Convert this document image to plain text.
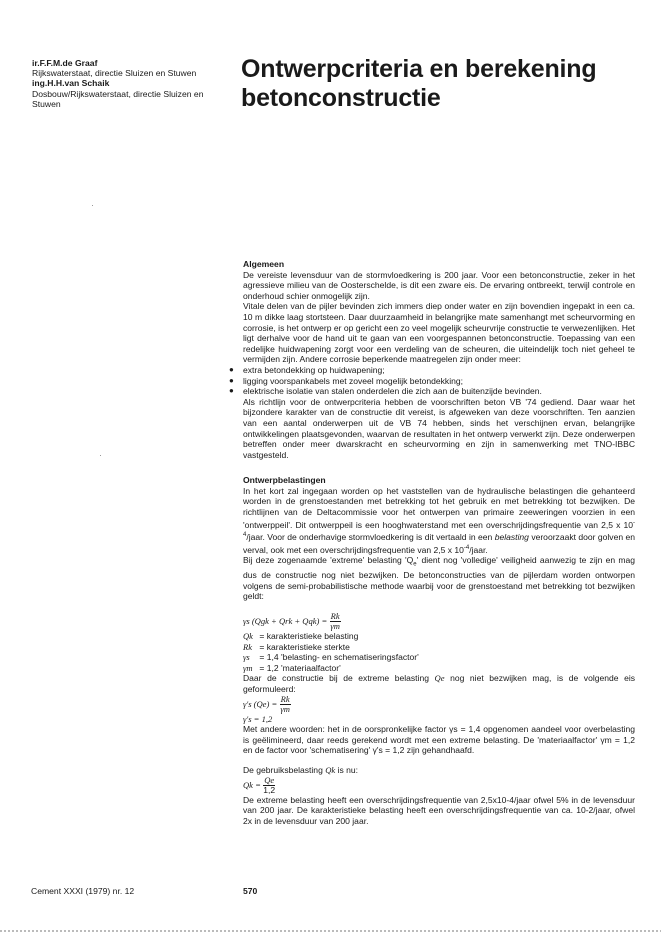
ir.F.F.M.de Graaf
Rijkswaterstaat, directie Sluizen en Stuwen
ing.H.H.van Schaik
Dosbouw/Rijkswaterstaat, directie Sluizen en Stuwen
Ontwerpcriteria en berekening
betonconstructie
Algemeen

De vereiste levensduur van de stormvloedkering is 200 jaar. Voor een betonconstructie, zeker in het agressieve milieu van de Oosterschelde, is dit een zware eis. De ervaring ontbreekt, terwijl controle en onderhoud schier onmogelijk zijn.

Vitale delen van de pijler bevinden zich immers diep onder water en zijn bovendien ingepakt in een ca. 10 m dikke laag stortsteen. Daar duurzaamheid in belangrijke mate samenhangt met scheurvorming en corrosie, is het ontwerp er op gericht een zo veel mogelijk scheurvrije constructie te verwezenlijken. Het ligt derhalve voor de hand uit te gaan van een voorgespannen betonconstructie. Toepassing van een redelijke huidwapening zorgt voor een verdeling van de scheuren, die uiteindelijk toch niet geheel te vermijden zijn. Andere corrosie beperkende maatregelen zijn onder meer:

● extra betondekking op huidwapening;
● ligging voorspankabels met zoveel mogelijk betondekking;
● elektrische isolatie van stalen onderdelen die zich aan de buitenzijde bevinden.

Als richtlijn voor de ontwerpcriteria hebben de voorschriften beton VB '74 gediend. Daar waar het bijzondere karakter van de constructie dit vereist, is afgeweken van deze voorschriften. Ten aanzien van een aantal onderwerpen uit de VB 74 hebben, sinds het verschijnen ervan, belangrijke ontwikkelingen plaatsgevonden, waarvan de resultaten in het ontwerp verwerkt zijn. Deze onderwerpen betreffen onder meer dwarskracht en scheurvorming en zijn in samenwerking met TNO-IBBC vastgesteld.

Ontwerpbelastingen

In het kort zal ingegaan worden op het vaststellen van de hydraulische belastingen die gehanteerd worden in de grenstoestanden met betrekking tot het gebruik en met betrekking tot bezwijken. De richtlijnen van de Deltacommissie voor het ontwerpen van primaire zeeweringen voorzien in een 'ontwerppeil'. Dit ontwerppeil is een hooghwaterstand met een overschrijdingsfrequentie van 2,5 x $10^{-4}$/jaar. Voor de onderhavige stormvloedkering is dit vertaald in een belasting veroorzaakt door golven en verval, ook met een overschrijdingsfrequentie van 2,5 x $10^{-4}$/jaar.

Bij deze zogenaamde 'extreme' belasting '$Q_e$' dient nog 'volledige' veiligheid aanwezig te zijn en mag dus de constructie nog niet bezwijken. De betonconstructies van de pijlerdam worden ontworpen volgens de semi-probabilistische methode waarbij voor de grenstoestand met betrekking tot bezwijken geldt:

γs (Qgk + Qrk + $Qqk) = \frac{Rk}{\gamma m}$

Qk = karakteristieke belasting

Rk = karakteristieke sterkte

γs = 1,4 'belasting- en schematiseringsfactor'

γm = 1,2 'materiaalfactor'

Daar de constructie bij de extreme belasting Qe nog niet bezwijken mag, is de volgende eis geformuleerd:

γ's $(Qe) = \frac{Rk}{\gamma m}$

γ's = 1,2

Met andere woorden: het in de oorspronkelijke factor γs = 1,4 opgenomen aandeel voor overbelasting is geëlimineerd, daar reeds gerekend wordt met een extreme belasting. De 'materiaalfactor' γm = 1,2 en de factor voor 'schematisering' γ's = 1,2 zijn gehandhaafd.

De gebruiksbelasting Qk is nu:

$Qk = \frac{Qe}{1,2}$

De extreme belasting heeft een overschrijdingsfrequentie van 2,5x10-4/jaar ofwel 5% in de levensduur van 200 jaar. De karakteristieke belasting heeft een overschrijdingsfrequentie van ca. 10-2/jaar, ofwel 2x in de levensduur van 200 jaar.

Cement XXXI (1979) nr. 12	570
